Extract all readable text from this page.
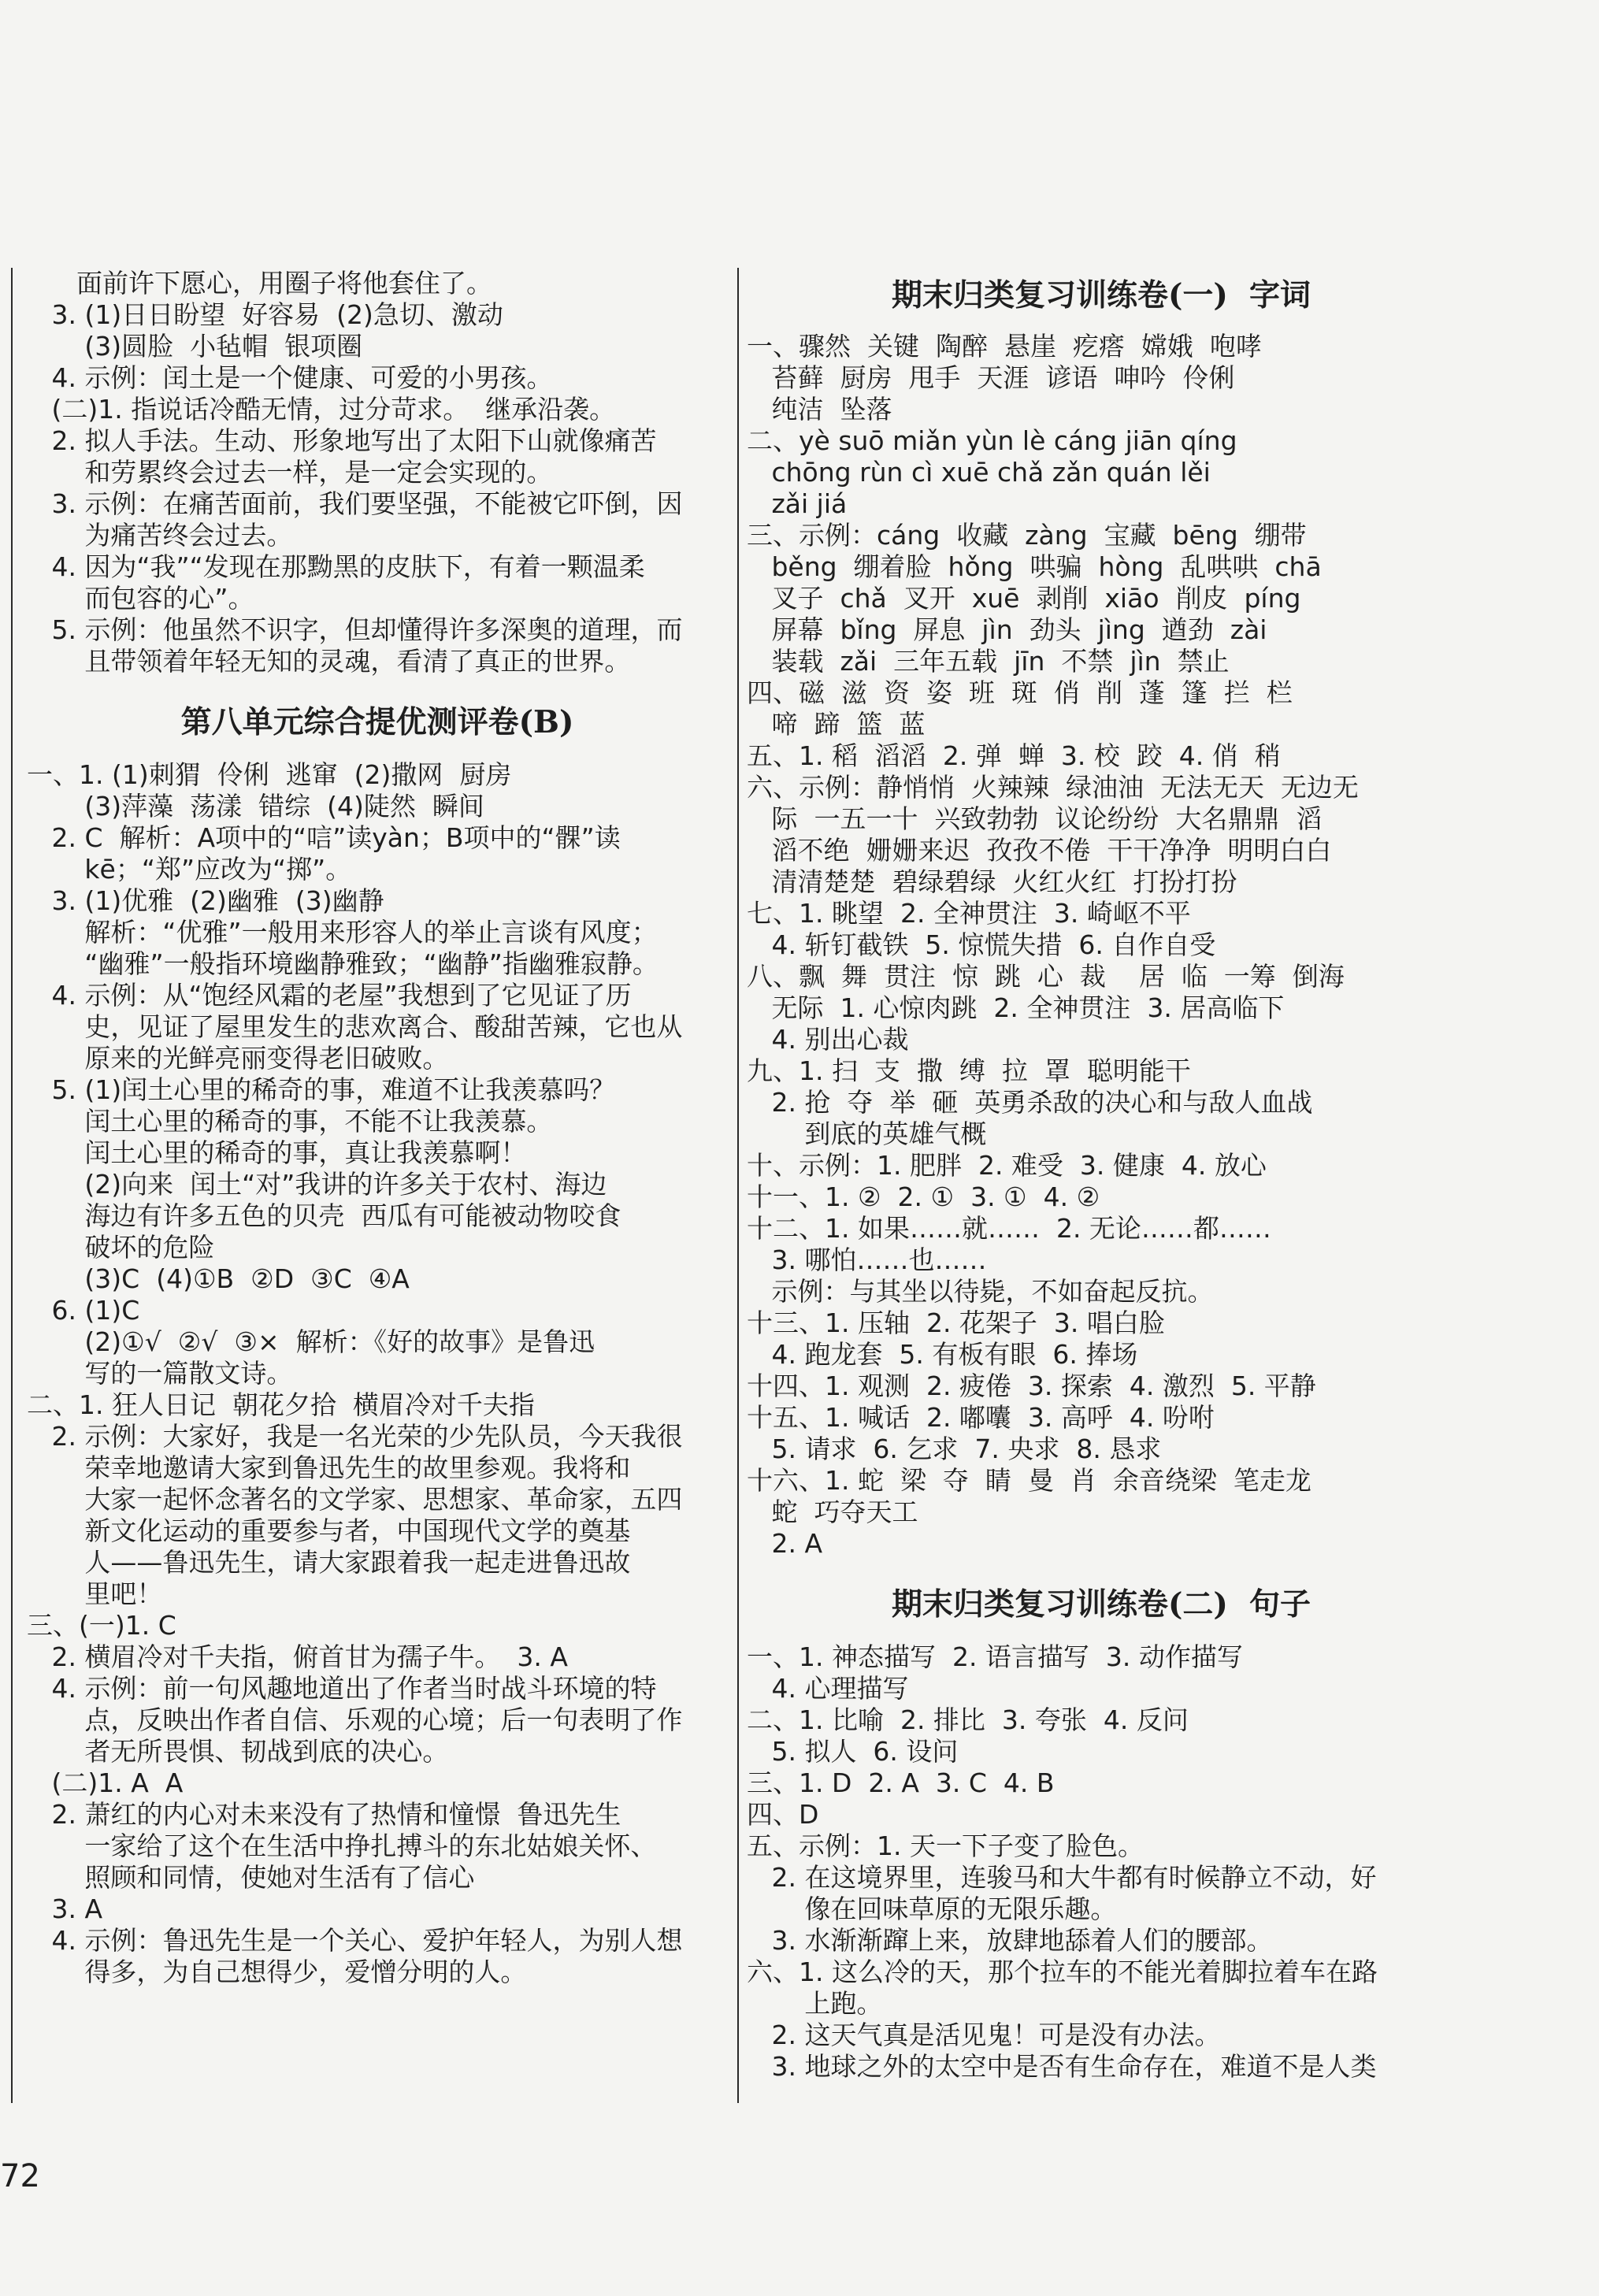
面前许下愿心，用圈子将他套住了。
3. (1)日日盼望  好容易  (2)急切、激动
(3)圆脸  小毡帽  银项圈
4. 示例：闰土是一个健康、可爱的小男孩。
(二)1. 指说话冷酷无情，过分苛求。  继承沿袭。
2. 拟人手法。生动、形象地写出了太阳下山就像痛苦
和劳累终会过去一样，是一定会实现的。
3. 示例：在痛苦面前，我们要坚强，不能被它吓倒，因
为痛苦终会过去。
4. 因为“我”“发现在那黝黑的皮肤下，有着一颗温柔
而包容的心”。
5. 示例：他虽然不识字，但却懂得许多深奥的道理，而
且带领着年轻无知的灵魂，看清了真正的世界。
第八单元综合提优测评卷(B)
一、1. (1)刺猬  伶俐  逃窜  (2)撒网  厨房
(3)萍藻  荡漾  错综  (4)陡然  瞬间
2. C  解析：A项中的“唁”读yàn；B项中的“髁”读
kē；“郑”应改为“掷”。
3. (1)优雅  (2)幽雅  (3)幽静
解析：“优雅”一般用来形容人的举止言谈有风度；
“幽雅”一般指环境幽静雅致；“幽静”指幽雅寂静。
4. 示例：从“饱经风霜的老屋”我想到了它见证了历
史，见证了屋里发生的悲欢离合、酸甜苦辣，它也从
原来的光鲜亮丽变得老旧破败。
5. (1)闰土心里的稀奇的事，难道不让我羡慕吗？
闰土心里的稀奇的事，不能不让我羡慕。
闰土心里的稀奇的事，真让我羡慕啊！
(2)向来  闰土“对”我讲的许多关于农村、海边
海边有许多五色的贝壳  西瓜有可能被动物咬食
破坏的危险
(3)C  (4)①B  ②D  ③C  ④A
6. (1)C
(2)①√  ②√  ③×  解析：《好的故事》是鲁迅
写的一篇散文诗。
二、1. 狂人日记  朝花夕拾  横眉冷对千夫指
2. 示例：大家好，我是一名光荣的少先队员，今天我很
荣幸地邀请大家到鲁迅先生的故里参观。我将和
大家一起怀念著名的文学家、思想家、革命家，五四
新文化运动的重要参与者，中国现代文学的奠基
人——鲁迅先生，请大家跟着我一起走进鲁迅故
里吧！
三、(一)1. C
2. 横眉冷对千夫指，俯首甘为孺子牛。  3. A
4. 示例：前一句风趣地道出了作者当时战斗环境的特
点，反映出作者自信、乐观的心境；后一句表明了作
者无所畏惧、韧战到底的决心。
(二)1. A  A
2. 萧红的内心对未来没有了热情和憧憬  鲁迅先生
一家给了这个在生活中挣扎搏斗的东北姑娘关怀、
照顾和同情，使她对生活有了信心
3. A
4. 示例：鲁迅先生是一个关心、爱护年轻人，为别人想
得多，为自己想得少，爱憎分明的人。
期末归类复习训练卷(一)  字词
一、骤然  关键  陶醉  悬崖  疙瘩  嫦娥  咆哮
苔藓  厨房  甩手  天涯  谚语  呻吟  伶俐
纯洁  坠落
二、yè suō miǎn yùn lè cáng jiān qíng
chōng rùn cì xuē chǎ zǎn quán lěi
zǎi jiá
三、示例：cáng  收藏  zàng  宝藏  bēng  绷带
běng  绷着脸  hǒng  哄骗  hòng  乱哄哄  chā
叉子  chǎ  叉开  xuē  剥削  xiāo  削皮  píng
屏幕  bǐng  屏息  jìn  劲头  jìng  遒劲  zài
装载  zǎi  三年五载  jīn  不禁  jìn  禁止
四、磁  滋  资  姿  班  斑  俏  削  蓬  篷  拦  栏
啼  蹄  篮  蓝
五、1. 稻  滔滔  2. 弹  蝉  3. 校  跤  4. 俏  稍
六、示例：静悄悄  火辣辣  绿油油  无法无天  无边无
际  一五一十  兴致勃勃  议论纷纷  大名鼎鼎  滔
滔不绝  姗姗来迟  孜孜不倦  干干净净  明明白白
清清楚楚  碧绿碧绿  火红火红  打扮打扮
七、1. 眺望  2. 全神贯注  3. 崎岖不平
4. 斩钉截铁  5. 惊慌失措  6. 自作自受
八、飘  舞  贯注  惊  跳  心  裁    居  临  一筹  倒海
无际  1. 心惊肉跳  2. 全神贯注  3. 居高临下
4. 别出心裁
九、1. 扫  支  撒  缚  拉  罩  聪明能干
2. 抢  夺  举  砸  英勇杀敌的决心和与敌人血战
到底的英雄气概
十、示例：1. 肥胖  2. 难受  3. 健康  4. 放心
十一、1. ②  2. ①  3. ①  4. ②
十二、1. 如果……就……  2. 无论……都……
3. 哪怕……也……
示例：与其坐以待毙，不如奋起反抗。
十三、1. 压轴  2. 花架子  3. 唱白脸
4. 跑龙套  5. 有板有眼  6. 捧场
十四、1. 观测  2. 疲倦  3. 探索  4. 激烈  5. 平静
十五、1. 喊话  2. 嘟囔  3. 高呼  4. 吩咐
5. 请求  6. 乞求  7. 央求  8. 恳求
十六、1. 蛇  梁  夺  睛  曼  肖  余音绕梁  笔走龙
蛇  巧夺天工
2. A
期末归类复习训练卷(二)  句子
一、1. 神态描写  2. 语言描写  3. 动作描写
4. 心理描写
二、1. 比喻  2. 排比  3. 夸张  4. 反问
5. 拟人  6. 设问
三、1. D  2. A  3. C  4. B
四、D
五、示例：1. 天一下子变了脸色。
2. 在这境界里，连骏马和大牛都有时候静立不动，好
像在回味草原的无限乐趣。
3. 水渐渐蹿上来，放肆地舔着人们的腰部。
六、1. 这么冷的天，那个拉车的不能光着脚拉着车在路
上跑。
2. 这天气真是活见鬼！可是没有办法。
3. 地球之外的太空中是否有生命存在，难道不是人类
72
